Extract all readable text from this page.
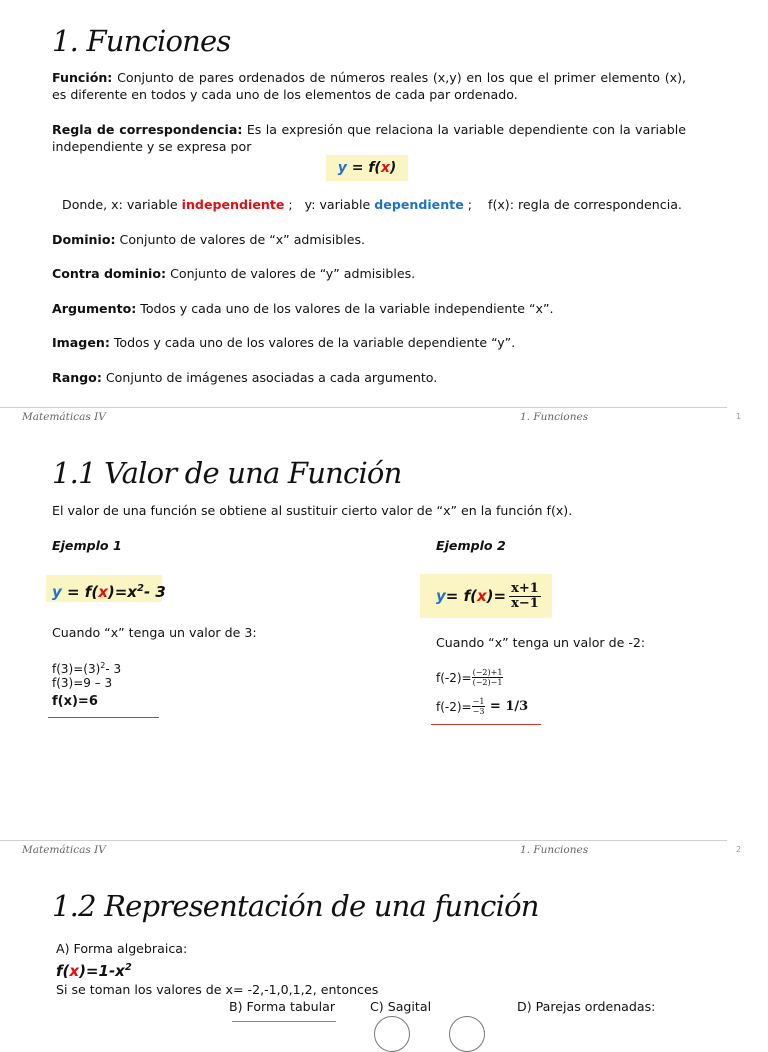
1. Funciones
Función: Conjunto de pares ordenados de números reales (x,y) en los que el primer elemento (x), es diferente en todos y cada uno de los elementos de cada par ordenado.
Regla de correspondencia: Es la expresión que relaciona la variable dependiente con la variable independiente y se expresa por
y = f(x)
Donde, x: variable independiente ;   y: variable dependiente ;    f(x): regla de correspondencia.
Dominio: Conjunto de valores de “x” admisibles.
Contra dominio: Conjunto de valores de “y” admisibles.
Argumento: Todos y cada uno de los valores de la variable independiente “x”.
Imagen: Todos y cada uno de los valores de la variable dependiente “y”.
Rango: Conjunto de imágenes asociadas a cada argumento.
Matemáticas IV	1. Funciones	1
1.1 Valor de una Función
El valor de una función se obtiene al sustituir cierto valor de “x” en la función f(x).
Ejemplo 1	Ejemplo 2
$y = f(x)=x^2-$ 3	y = f( x )= $\frac{x+1}{x-1}$
Cuando “x” tenga un valor de 3:
Cuando “x” tenga un valor de -2:
$f(3)=(3)^2-$ 3
f(3)=9 – 3
f(x)=6
$f(-2)= \frac{(-2)+1}{(-2)-1}$
$f(-2)= \frac{-1}{-3} = 1/3$
Matemáticas IV	1. Funciones	2
1.2 Representación de una función
A) Forma algebraica:
$f(x)=1-x^2$
Si se toman los valores de x= -2,-1,0,1,2, entonces
B) Forma tabular	C) Sagital	D) Parejas ordenadas:
